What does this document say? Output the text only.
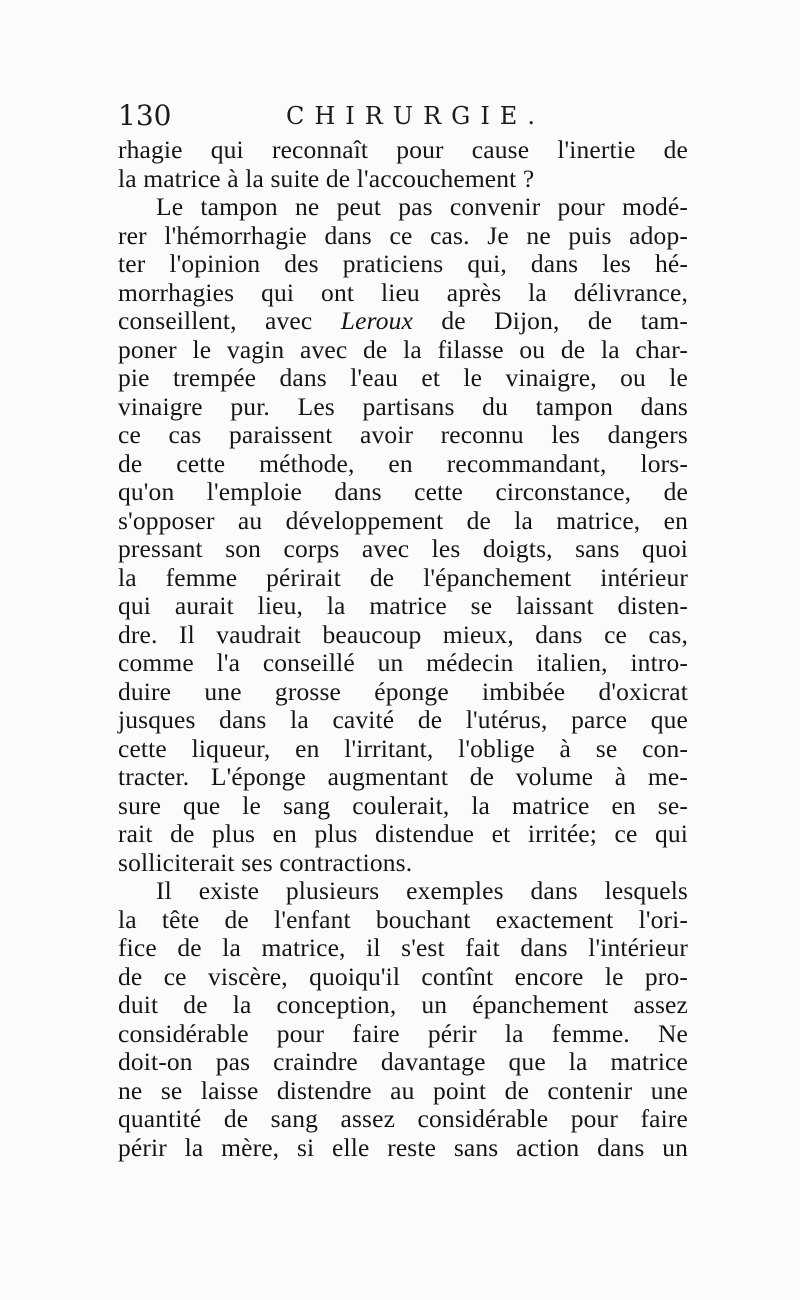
130	CHIRURGIE.
rhagie qui reconnaît pour cause l'inertie de
la matrice à la suite de l'accouchement ?
Le tampon ne peut pas convenir pour modé-
rer l'hémorrhagie dans ce cas. Je ne puis adop-
ter l'opinion des praticiens qui, dans les hé-
morrhagies qui ont lieu après la délivrance,
conseillent, avec Leroux de Dijon, de tam-
poner le vagin avec de la filasse ou de la char-
pie trempée dans l'eau et le vinaigre, ou le
vinaigre pur. Les partisans du tampon dans
ce cas paraissent avoir reconnu les dangers
de cette méthode, en recommandant, lors-
qu'on l'emploie dans cette circonstance, de
s'opposer au développement de la matrice, en
pressant son corps avec les doigts, sans quoi
la femme périrait de l'épanchement intérieur
qui aurait lieu, la matrice se laissant disten-
dre. Il vaudrait beaucoup mieux, dans ce cas,
comme l'a conseillé un médecin italien, intro-
duire une grosse éponge imbibée d'oxicrat
jusques dans la cavité de l'utérus, parce que
cette liqueur, en l'irritant, l'oblige à se con-
tracter. L'éponge augmentant de volume à me-
sure que le sang coulerait, la matrice en se-
rait de plus en plus distendue et irritée; ce qui
solliciterait ses contractions.
Il existe plusieurs exemples dans lesquels
la tête de l'enfant bouchant exactement l'ori-
fice de la matrice, il s'est fait dans l'intérieur
de ce viscère, quoiqu'il contînt encore le pro-
duit de la conception, un épanchement assez
considérable pour faire périr la femme. Ne
doit-on pas craindre davantage que la matrice
ne se laisse distendre au point de contenir une
quantité de sang assez considérable pour faire
périr la mère, si elle reste sans action dans un
